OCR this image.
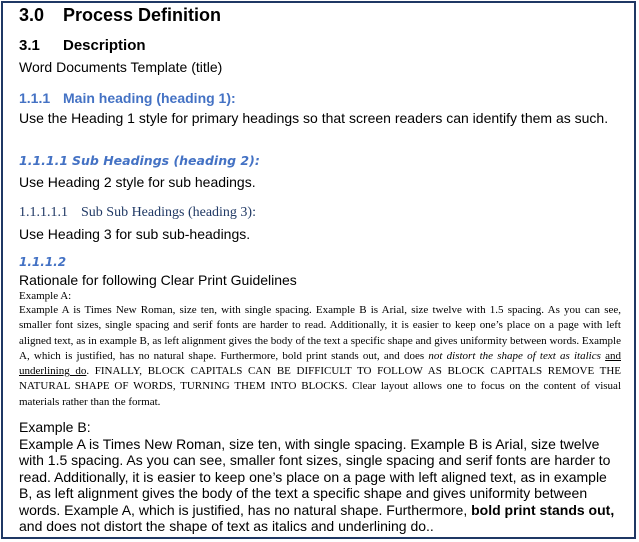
3.0 Process Definition
3.1 Description
Word Documents Template (title)
1.1.1 Main heading (heading 1):
Use the Heading 1 style for primary headings so that screen readers can identify them as such.
1.1.1.1 Sub Headings (heading 2):
Use Heading 2 style for sub headings.
1.1.1.1.1 Sub Sub Headings (heading 3):
Use Heading 3 for sub sub-headings.
1.1.1.2
Rationale for following Clear Print Guidelines
Example A:
Example A is Times New Roman, size ten, with single spacing. Example B is Arial, size twelve with 1.5 spacing. As you can see, smaller font sizes, single spacing and serif fonts are harder to read. Additionally, it is easier to keep one’s place on a page with left aligned text, as in example B, as left alignment gives the body of the text a specific shape and gives uniformity between words. Example A, which is justified, has no natural shape. Furthermore, bold print stands out, and does not distort the shape of text as italics and underlining do. FINALLY, BLOCK CAPITALS CAN BE DIFFICULT TO FOLLOW AS BLOCK CAPITALS REMOVE THE NATURAL SHAPE OF WORDS, TURNING THEM INTO BLOCKS. Clear layout allows one to focus on the content of visual materials rather than the format.
Example B:
Example A is Times New Roman, size ten, with single spacing. Example B is Arial, size twelve with 1.5 spacing. As you can see, smaller font sizes, single spacing and serif fonts are harder to read. Additionally, it is easier to keep one’s place on a page with left aligned text, as in example B, as left alignment gives the body of the text a specific shape and gives uniformity between words. Example A, which is justified, has no natural shape. Furthermore, bold print stands out, and does not distort the shape of text as italics and underlining do..
